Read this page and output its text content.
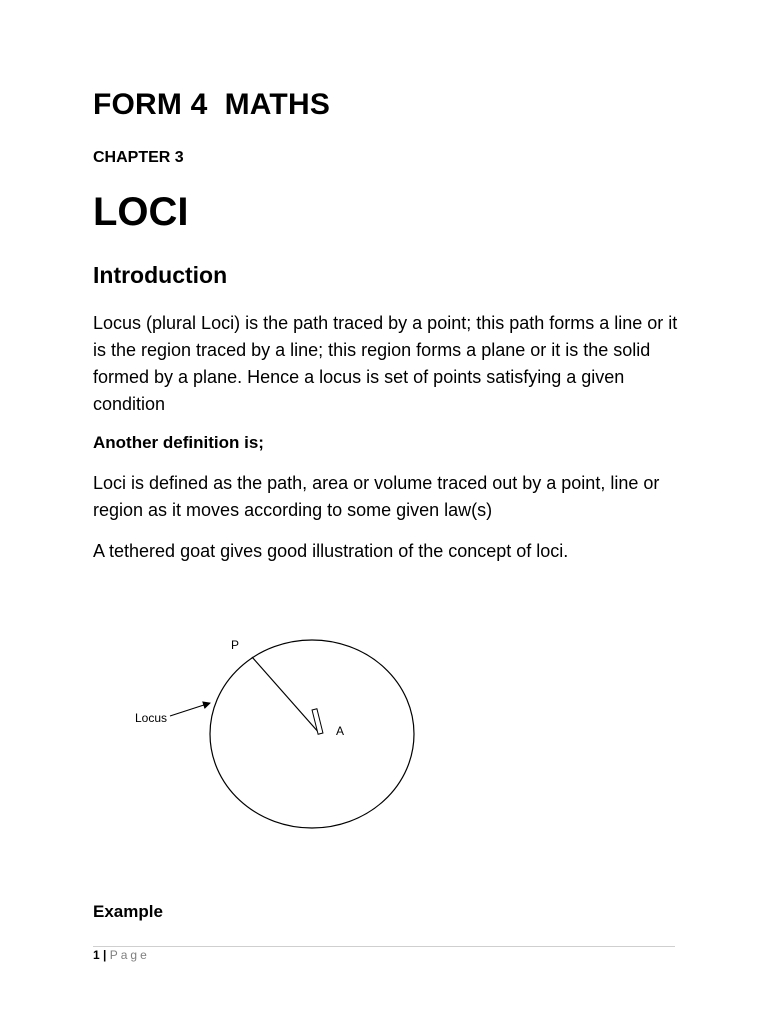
FORM 4  MATHS
CHAPTER 3
LOCI
Introduction

Locus (plural Loci) is the path traced by a point; this path forms a line or it is the region traced by a line; this region forms a plane or it is the solid formed by a plane. Hence a locus is set of points satisfying a given condition

Another definition is;

Loci is defined as the path, area or volume traced out by a point, line or region as it moves according to some given law(s)

A tethered goat gives good illustration of the concept of loci.

P
A
Locus
Example

1 | Page
